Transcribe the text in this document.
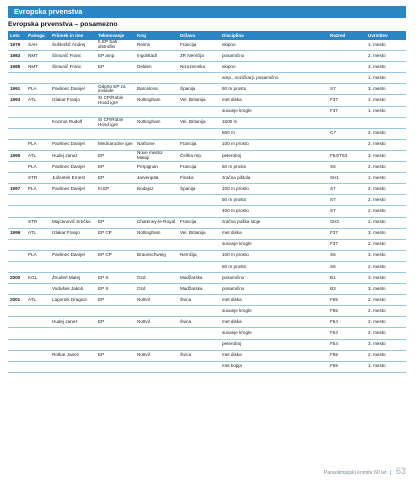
Evropska prvenstva
Evropska prvenstva – posamezno
Leto	Panoga	Priimek in ime	Tekmovanje	Kraj	Država	Disciplina	Razred	Uvrstitev
1979	SAH	Šušteršič Andrej	II.EP Šah distrofiki	Reims	Francija	ekipno		1. mesto
1983	NMT	Šimunič Franc	EP amp.	Ingolstadt	ZR Nemčija	posamično		2. mesto
1985	NMT	Šimunič Franc	EP	Delden	Nizozemska	ekipno		3. mesto
						amp., vozičkarji, posamično		1. mesto
1991	PLA	Pavlinec Danijel	Odprto EP za invalide	Barcelona	Španija	50 m prosto	S7	3. mesto
1993	ATL	Izlakar Franjo	SI CP/Robin Hood igre	Nottingham	Vel. Britanija	met diska	F37	1. mesto
						suvanje krogle	F37	1. mesto
		Kocmut Rudolf	SI CP/Robin Hood igre	Nottingham	Vel. Britanija	1500 m		
						800 m	C7	2. mesto
	PLA	Pavlinec Danijel	Mednarodne igre	Narbone	Francija	100 m prosto		2. mesto
1995	ATL	Hudej Janez	EP	Nove mesto/ Matuji	Češka rep.	peteroboj	F54/T53	3. mesto
	PLA	Pavlinec Danijel	EP	Perpignan	Francija	50 m prosto	S6	2. mesto
	STR	Južentek Ernest	EP	Jarvenpää	Finska	zračna pištola	SH1	1. mesto
1997	PLA	Pavlinec Danijel	III.EP	Bodajoz	Španija	100 m prosto	S7	2. mesto
						50 m prosto	S7	2. mesto
						400 m prosto	S7	2. mesto
	STR	Majcenovič Srečko	EP	Chateney-le-Royal	Francija	zračna puška stoje	SH2	2. mesto
1999	ATL	Izlakar Franjo	EP CP	Nottingham	Vel. Britanija	met diska	F37	3. mesto
						suvanje krogle	F37	2. mesto
	PLA	Pavlinec Danijel	EP CP	Braunschweig	Nemčija	100 m prosto	S6	3. mesto
						50 m prosto	S6	2. mesto
2000	KGL	Žnuderl Matej	EP S	Ozd	Madžarska	posamično	B1	3. mesto
		Vodušek Jakob	EP S	Ozd	Madžarska	posamično	B3	3. mesto
2001	ATL	Lapornik Dragica	EP	Nottvil	Švica	met diska	F55	2. mesto
						suvanje krogle	F55	2. mesto
		Hudej Janez	EP	Nottvil	Švica	met diska	F54	2. mesto
						suvanje krogle	F54	2. mesto
						peteroboj	F54	3. mesto
		Rotkar Janez	EP	Nottvil	Švica	met diska	F55	2. mesto
						met kopja	F55	1. mesto
Paraolimpijski komite 60 let | 63
